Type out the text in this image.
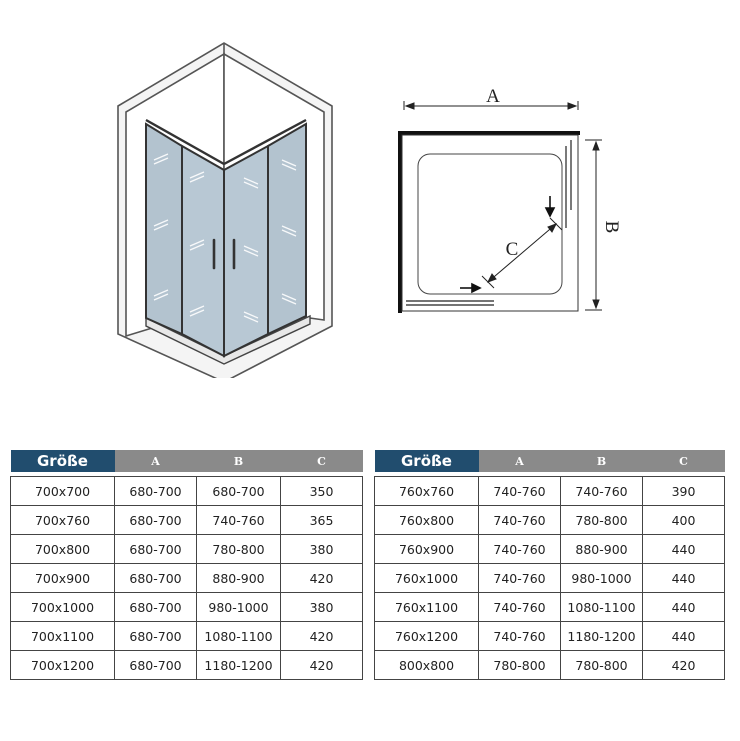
A
B
C
Größe	A	B	C

700x700	680-700	680-700	350
700x760	680-700	740-760	365
700x800	680-700	780-800	380
700x900	680-700	880-900	420
700x1000	680-700	980-1000	380
700x1100	680-700	1080-1100	420
700x1200	680-700	1180-1200	420
Größe	A	B	C

760x760	740-760	740-760	390
760x800	740-760	780-800	400
760x900	740-760	880-900	440
760x1000	740-760	980-1000	440
760x1100	740-760	1080-1100	440
760x1200	740-760	1180-1200	440
800x800	780-800	780-800	420
